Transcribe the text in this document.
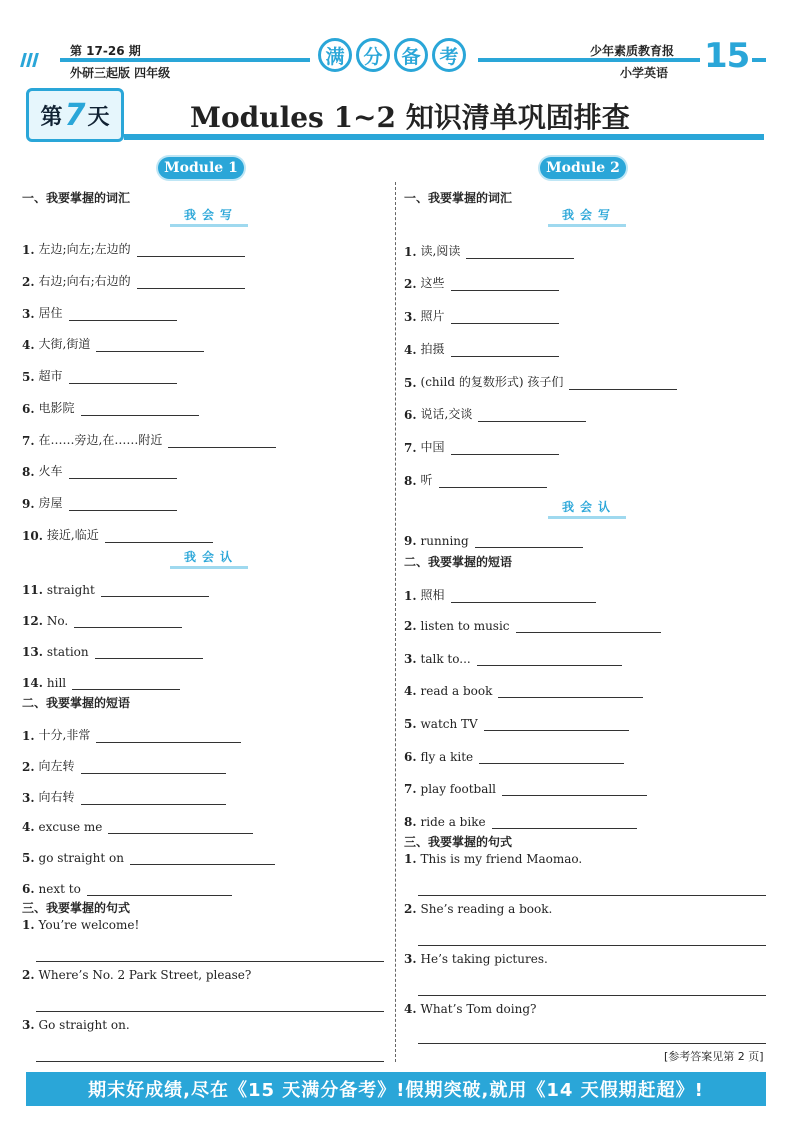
第 17-26 期
外研三起版 四年级
满 分 备 考	少年素质教育报
小学英语 15
第 7 天	Modules 1~2 知识清单巩固排查
Module 1
一、我要掌握的词汇
我会写
1. 左边;向左;左边的
2. 右边;向右;右边的
3. 居住
4. 大街,街道
5. 超市
6. 电影院
7. 在……旁边,在……附近
8. 火车
9. 房屋
10. 接近,临近
我会认
11. straight
12. No.
13. station
14. hill
二、我要掌握的短语
1. 十分,非常
2. 向左转
3. 向右转
4. excuse me
5. go straight on
6. next to
三、我要掌握的句式
1. You’re welcome!
2. Where’s No. 2 Park Street, please?
3. Go straight on.
Module 2
一、我要掌握的词汇
我会写
1. 读,阅读
2. 这些
3. 照片
4. 拍摄
5. (child 的复数形式) 孩子们
6. 说话,交谈
7. 中国
8. 听
我会认
9. running
二、我要掌握的短语
1. 照相
2. listen to music
3. talk to...
4. read a book
5. watch TV
6. fly a kite
7. play football
8. ride a bike
三、我要掌握的句式
1. This is my friend Maomao.
2. She’s reading a book.
3. He’s taking pictures.
4. What’s Tom doing?
[参考答案见第 2 页]
期末好成绩,尽在《15 天满分备考》!假期突破,就用《14 天假期赶超》!
